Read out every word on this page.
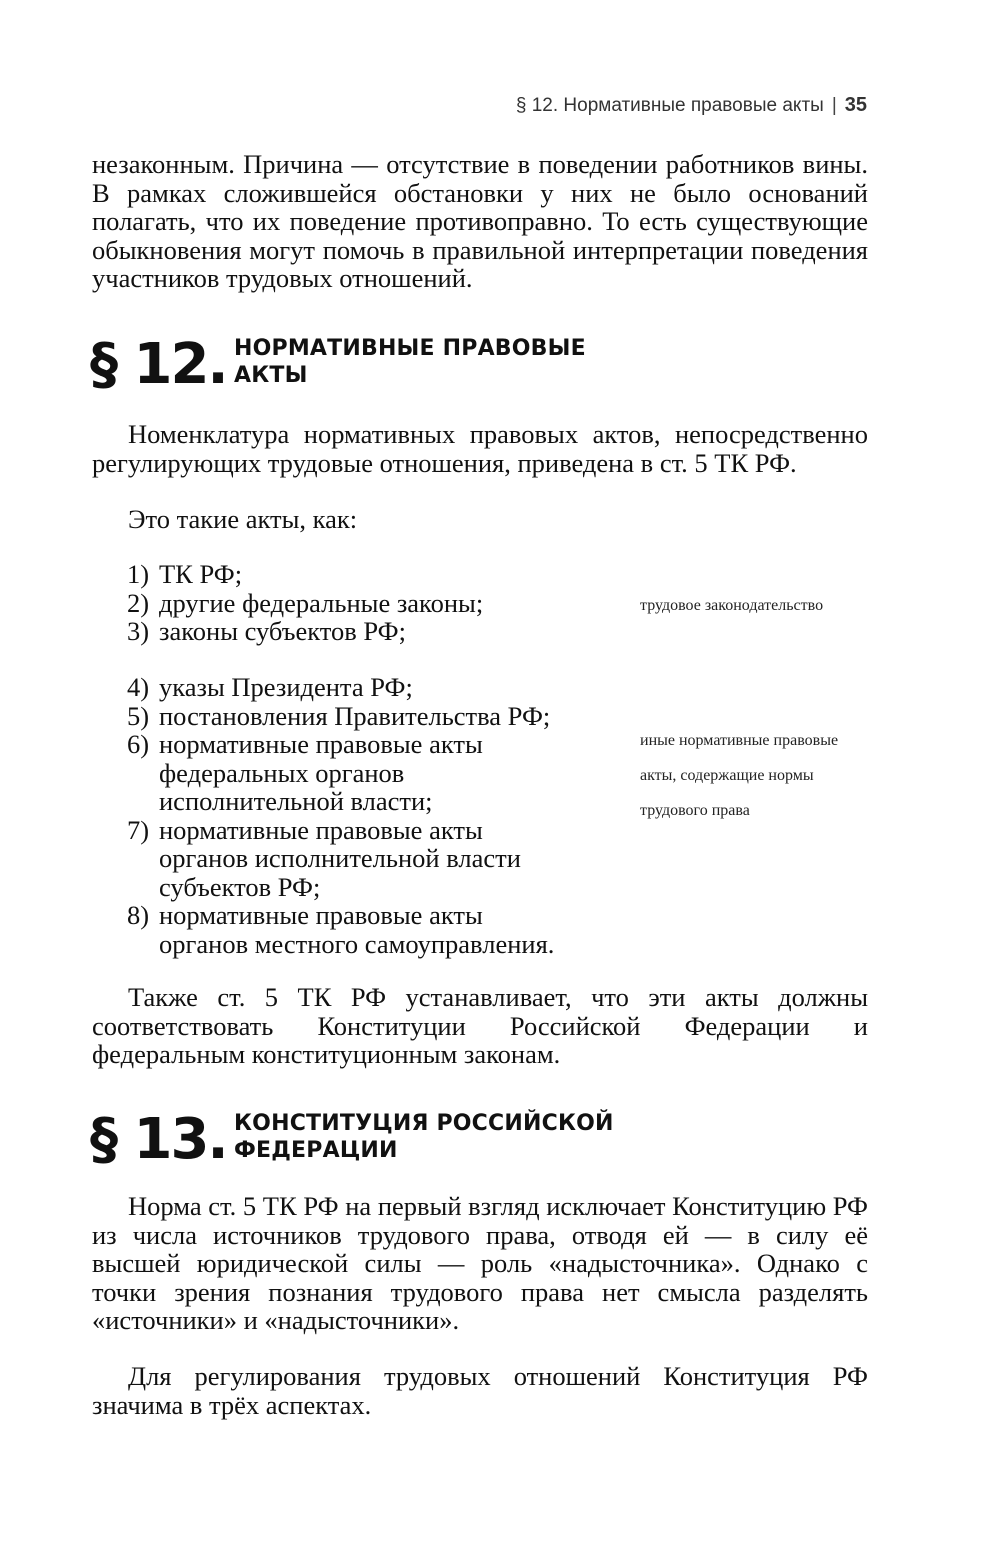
§ 12. Нормативные правовые акты | 35

незаконным. Причина — отсутствие в поведении работников вины. В рамках сложившейся обстановки у них не было оснований полагать, что их поведение противоправно. То есть существующие обыкновения могут помочь в правильной интерпретации поведения участников трудовых отношений.

§ 12. НОРМАТИВНЫЕ ПРАВОВЫЕ
АКТЫ

Номенклатура нормативных правовых актов, непосредственно регулирующих трудовые отношения, приведена в ст. 5 ТК РФ.

Это такие акты, как:

1) ТК РФ;
2) другие федеральные законы;
3) законы субъектов РФ;
трудовое законодательство
4) указы Президента РФ;
5) постановления Правительства РФ;
6) нормативные правовые акты
федеральных органов
исполнительной власти;
7) нормативные правовые акты
органов исполнительной власти
субъектов РФ;
8) нормативные правовые акты
органов местного самоуправления.
иные нормативные правовые
акты, содержащие нормы
трудового права

Также ст. 5 ТК РФ устанавливает, что эти акты должны соответствовать Конституции Российской Федерации и федеральным конституционным законам.

§ 13. КОНСТИТУЦИЯ РОССИЙСКОЙ
ФЕДЕРАЦИИ

Норма ст. 5 ТК РФ на первый взгляд исключает Конституцию РФ из числа источников трудового права, отводя ей — в силу её высшей юридической силы — роль «надысточника». Однако с точки зрения познания трудового права нет смысла разделять «источники» и «надысточники».

Для регулирования трудовых отношений Конституция РФ значима в трёх аспектах.
